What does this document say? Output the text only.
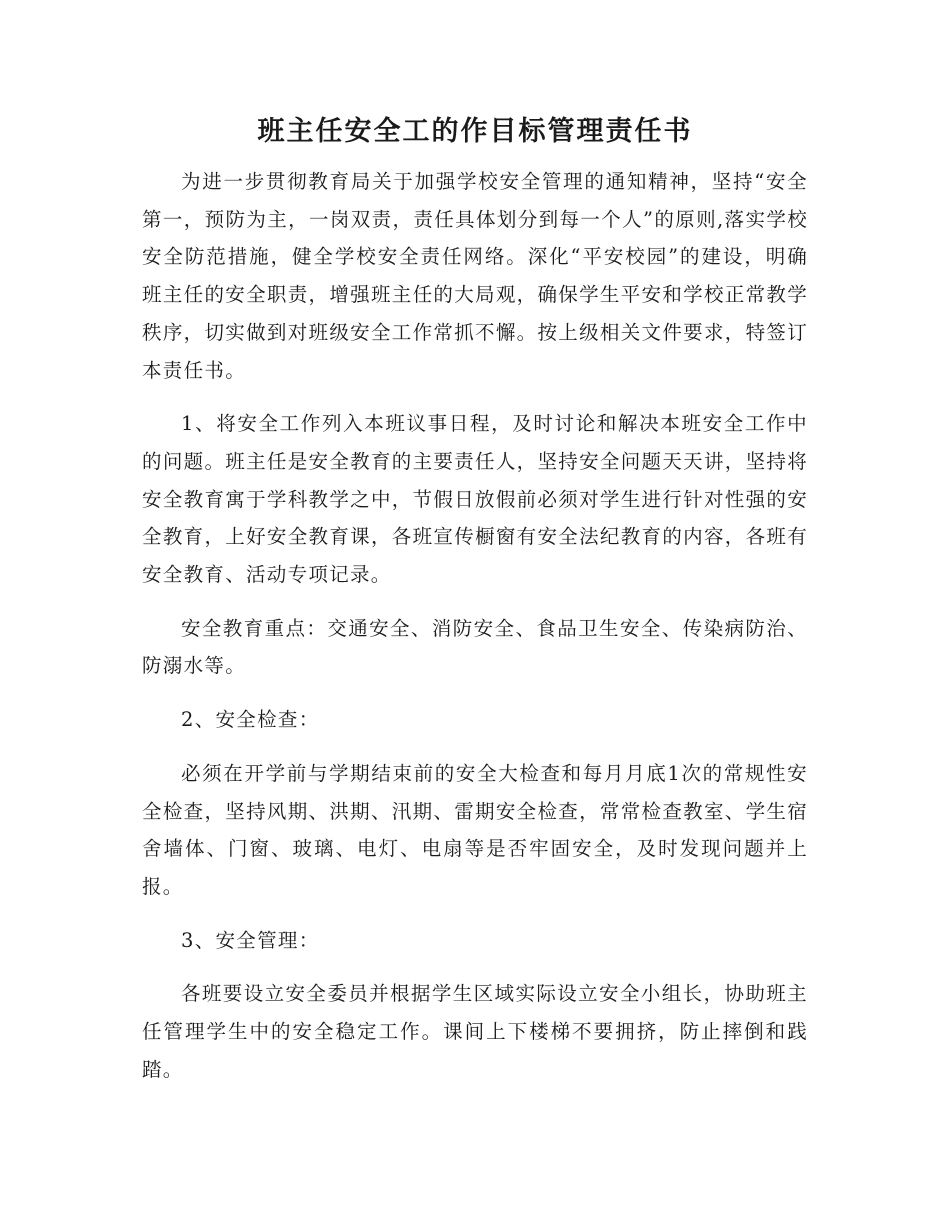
班主任安全工的作目标管理责任书

为进一步贯彻教育局关于加强学校安全管理的通知精神，坚持“安全第一，预防为主，一岗双责，责任具体划分到每一个人”的原则,落实学校安全防范措施，健全学校安全责任网络。深化“平安校园”的建设，明确班主任的安全职责，增强班主任的大局观，确保学生平安和学校正常教学秩序，切实做到对班级安全工作常抓不懈。按上级相关文件要求，特签订本责任书。

1、将安全工作列入本班议事日程，及时讨论和解决本班安全工作中的问题。班主任是安全教育的主要责任人，坚持安全问题天天讲，坚持将安全教育寓于学科教学之中，节假日放假前必须对学生进行针对性强的安全教育，上好安全教育课，各班宣传橱窗有安全法纪教育的内容，各班有安全教育、活动专项记录。

安全教育重点：交通安全、消防安全、食品卫生安全、传染病防治、防溺水等。

2、安全检查：

必须在开学前与学期结束前的安全大检查和每月月底1次的常规性安全检查，坚持风期、洪期、汛期、雷期安全检查，常常检查教室、学生宿舍墙体、门窗、玻璃、电灯、电扇等是否牢固安全，及时发现问题并上报。

3、安全管理：

各班要设立安全委员并根据学生区域实际设立安全小组长，协助班主任管理学生中的安全稳定工作。课间上下楼梯不要拥挤，防止摔倒和践踏。
